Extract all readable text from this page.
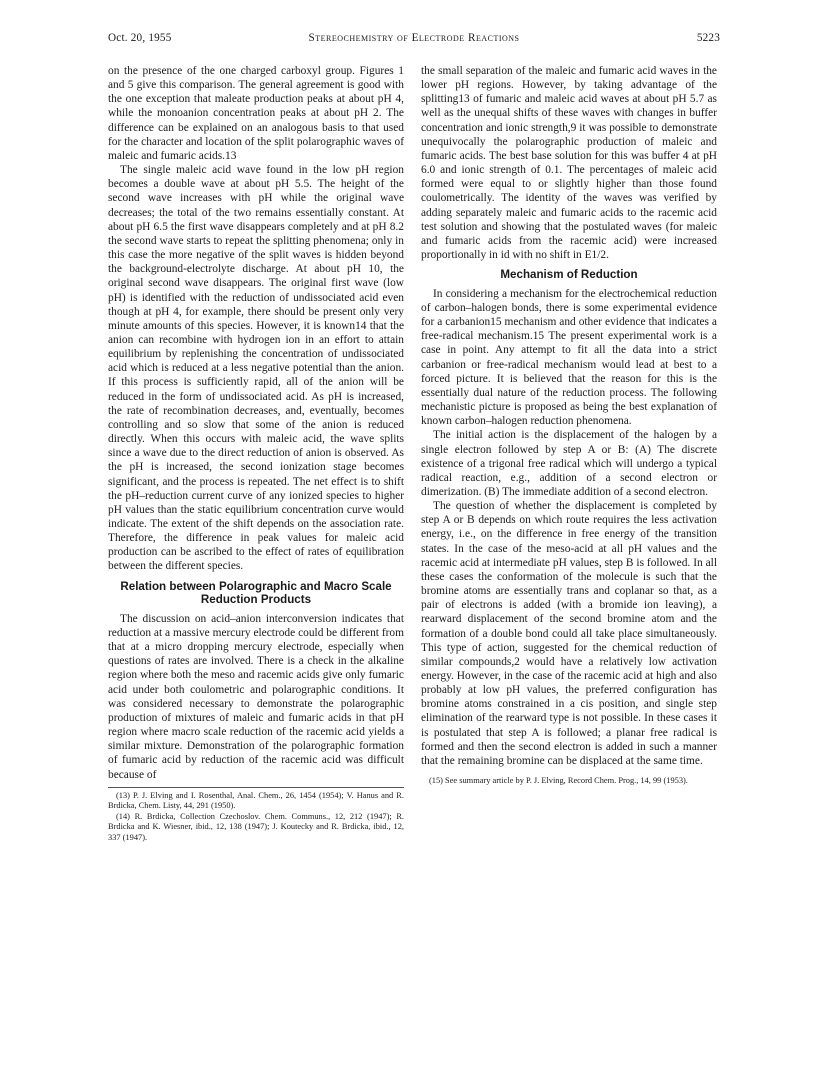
Oct. 20, 1955	Stereochemistry of Electrode Reactions	5223

on the presence of the one charged carboxyl group. Figures 1 and 5 give this comparison. The general agreement is good with the one exception that maleate production peaks at about pH 4, while the monoanion concentration peaks at about pH 2. The difference can be explained on an analogous basis to that used for the character and location of the split polarographic waves of maleic and fumaric acids.13

The single maleic acid wave found in the low pH region becomes a double wave at about pH 5.5. The height of the second wave increases with pH while the original wave decreases; the total of the two remains essentially constant. At about pH 6.5 the first wave disappears completely and at pH 8.2 the second wave starts to repeat the splitting phenomena; only in this case the more negative of the split waves is hidden beyond the background-electrolyte discharge. At about pH 10, the original second wave disappears. The original first wave (low pH) is identified with the reduction of undissociated acid even though at pH 4, for example, there should be present only very minute amounts of this species. However, it is known14 that the anion can recombine with hydrogen ion in an effort to attain equilibrium by replenishing the concentration of undissociated acid which is reduced at a less negative potential than the anion. If this process is sufficiently rapid, all of the anion will be reduced in the form of undissociated acid. As pH is increased, the rate of recombination decreases, and, eventually, becomes controlling and so slow that some of the anion is reduced directly. When this occurs with maleic acid, the wave splits since a wave due to the direct reduction of anion is observed. As the pH is increased, the second ionization stage becomes significant, and the process is repeated. The net effect is to shift the pH–reduction current curve of any ionized species to higher pH values than the static equilibrium concentration curve would indicate. The extent of the shift depends on the association rate. Therefore, the difference in peak values for maleic acid production can be ascribed to the effect of rates of equilibration between the different species.

Relation between Polarographic and Macro Scale Reduction Products

The discussion on acid–anion interconversion indicates that reduction at a massive mercury electrode could be different from that at a micro dropping mercury electrode, especially when questions of rates are involved. There is a check in the alkaline region where both the meso and racemic acids give only fumaric acid under both coulometric and polarographic conditions. It was considered necessary to demonstrate the polarographic production of mixtures of maleic and fumaric acids in that pH region where macro scale reduction of the racemic acid yields a similar mixture. Demonstration of the polarographic formation of fumaric acid by reduction of the racemic acid was difficult because of

(13) P. J. Elving and I. Rosenthal, Anal. Chem., 26, 1454 (1954); V. Hanus and R. Brdicka, Chem. Listy, 44, 291 (1950).
(14) R. Brdicka, Collection Czechoslov. Chem. Communs., 12, 212 (1947); R. Brdicka and K. Wiesner, ibid., 12, 138 (1947); J. Koutecky and R. Brdicka, ibid., 12, 337 (1947).

the small separation of the maleic and fumaric acid waves in the lower pH regions. However, by taking advantage of the splitting13 of fumaric and maleic acid waves at about pH 5.7 as well as the unequal shifts of these waves with changes in buffer concentration and ionic strength,9 it was possible to demonstrate unequivocally the polarographic production of maleic and fumaric acids. The best base solution for this was buffer 4 at pH 6.0 and ionic strength of 0.1. The percentages of maleic acid formed were equal to or slightly higher than those found coulometrically. The identity of the waves was verified by adding separately maleic and fumaric acids to the racemic acid test solution and showing that the postulated waves (for maleic and fumaric acids from the racemic acid) were increased proportionally in id with no shift in E1/2.

Mechanism of Reduction

In considering a mechanism for the electrochemical reduction of carbon–halogen bonds, there is some experimental evidence for a carbanion15 mechanism and other evidence that indicates a free-radical mechanism.15 The present experimental work is a case in point. Any attempt to fit all the data into a strict carbanion or free-radical mechanism would lead at best to a forced picture. It is believed that the reason for this is the essentially dual nature of the reduction process. The following mechanistic picture is proposed as being the best explanation of known carbon–halogen reduction phenomena.

The initial action is the displacement of the halogen by a single electron followed by step A or B: (A) The discrete existence of a trigonal free radical which will undergo a typical radical reaction, e.g., addition of a second electron or dimerization. (B) The immediate addition of a second electron.

The question of whether the displacement is completed by step A or B depends on which route requires the less activation energy, i.e., on the difference in free energy of the transition states. In the case of the meso-acid at all pH values and the racemic acid at intermediate pH values, step B is followed. In all these cases the conformation of the molecule is such that the bromine atoms are essentially trans and coplanar so that, as a pair of electrons is added (with a bromide ion leaving), a rearward displacement of the second bromine atom and the formation of a double bond could all take place simultaneously. This type of action, suggested for the chemical reduction of similar compounds,2 would have a relatively low activation energy. However, in the case of the racemic acid at high and also probably at low pH values, the preferred configuration has bromine atoms constrained in a cis position, and single step elimination of the rearward type is not possible. In these cases it is postulated that step A is followed; a planar free radical is formed and then the second electron is added in such a manner that the remaining bromine can be displaced at the same time.

(15) See summary article by P. J. Elving, Record Chem. Prog., 14, 99 (1953).
